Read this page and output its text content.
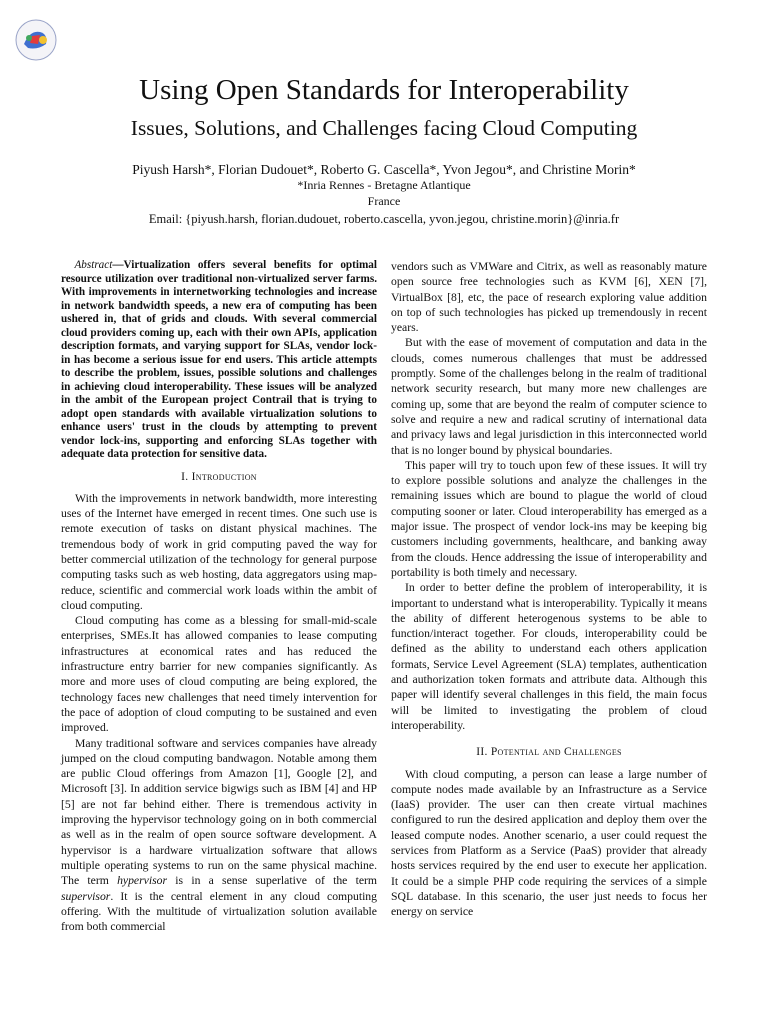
Using Open Standards for Interoperability
Issues, Solutions, and Challenges facing Cloud Computing
Piyush Harsh*, Florian Dudouet*, Roberto G. Cascella*, Yvon Jegou*, and Christine Morin*
*Inria Rennes - Bretagne Atlantique
France
Email: {piyush.harsh, florian.dudouet, roberto.cascella, yvon.jegou, christine.morin}@inria.fr

Abstract—Virtualization offers several benefits for optimal resource utilization over traditional non-virtualized server farms. With improvements in internetworking technologies and increase in network bandwidth speeds, a new era of computing has been ushered in, that of grids and clouds. With several commercial cloud providers coming up, each with their own APIs, application description formats, and varying support for SLAs, vendor lock-in has become a serious issue for end users. This article attempts to describe the problem, issues, possible solutions and challenges in achieving cloud interoperability. These issues will be analyzed in the ambit of the European project Contrail that is trying to adopt open standards with available virtualization solutions to enhance users' trust in the clouds by attempting to prevent vendor lock-ins, supporting and enforcing SLAs together with adequate data protection for sensitive data.

I. Introduction

With the improvements in network bandwidth, more interesting uses of the Internet have emerged in recent times. One such use is remote execution of tasks on distant physical machines. The tremendous body of work in grid computing paved the way for better commercial utilization of the technology for general purpose computing tasks such as web hosting, data aggregators using map-reduce, scientific and commercial work loads within the ambit of cloud computing.

Cloud computing has come as a blessing for small-mid-scale enterprises, SMEs.It has allowed companies to lease computing infrastructures at economical rates and has reduced the infrastructure entry barrier for new companies significantly. As more and more uses of cloud computing are being explored, the technology faces new challenges that need timely intervention for the pace of adoption of cloud computing to be sustained and even improved.

Many traditional software and services companies have already jumped on the cloud computing bandwagon. Notable among them are public Cloud offerings from Amazon [1], Google [2], and Microsoft [3]. In addition service bigwigs such as IBM [4] and HP [5] are not far behind either. There is tremendous activity in improving the hypervisor technology going on in both commercial as well as in the realm of open source software development. A hypervisor is a hardware virtualization software that allows multiple operating systems to run on the same physical machine. The term hypervisor is in a sense superlative of the term supervisor. It is the central element in any cloud computing offering. With the multitude of virtualization solution available from both commercial

vendors such as VMWare and Citrix, as well as reasonably mature open source free technologies such as KVM [6], XEN [7], VirtualBox [8], etc, the pace of research exploring value addition on top of such technologies has picked up tremendously in recent years.

But with the ease of movement of computation and data in the clouds, comes numerous challenges that must be addressed promptly. Some of the challenges belong in the realm of traditional network security research, but many more new challenges are coming up, some that are beyond the realm of computer science to solve and require a new and radical scrutiny of international data and privacy laws and legal jurisdiction in this interconnected world that is no longer bound by physical boundaries.

This paper will try to touch upon few of these issues. It will try to explore possible solutions and analyze the challenges in the remaining issues which are bound to plague the world of cloud computing sooner or later. Cloud interoperability has emerged as a major issue. The prospect of vendor lock-ins may be keeping big customers including governments, healthcare, and banking away from the clouds. Hence addressing the issue of interoperability and portability is both timely and necessary.

In order to better define the problem of interoperability, it is important to understand what is interoperability. Typically it means the ability of different heterogenous systems to be able to function/interact together. For clouds, interoperability could be defined as the ability to understand each others application formats, Service Level Agreement (SLA) templates, authentication and authorization token formats and attribute data. Although this paper will identify several challenges in this field, the main focus will be limited to investigating the problem of cloud interoperability.

II. Potential and Challenges

With cloud computing, a person can lease a large number of compute nodes made available by an Infrastructure as a Service (IaaS) provider. The user can then create virtual machines configured to run the desired application and deploy them over the leased compute nodes. Another scenario, a user could request the services from Platform as a Service (PaaS) provider that already hosts services required by the end user to execute her application. It could be a simple PHP code requiring the services of a simple SQL database. In this scenario, the user just needs to focus her energy on service
